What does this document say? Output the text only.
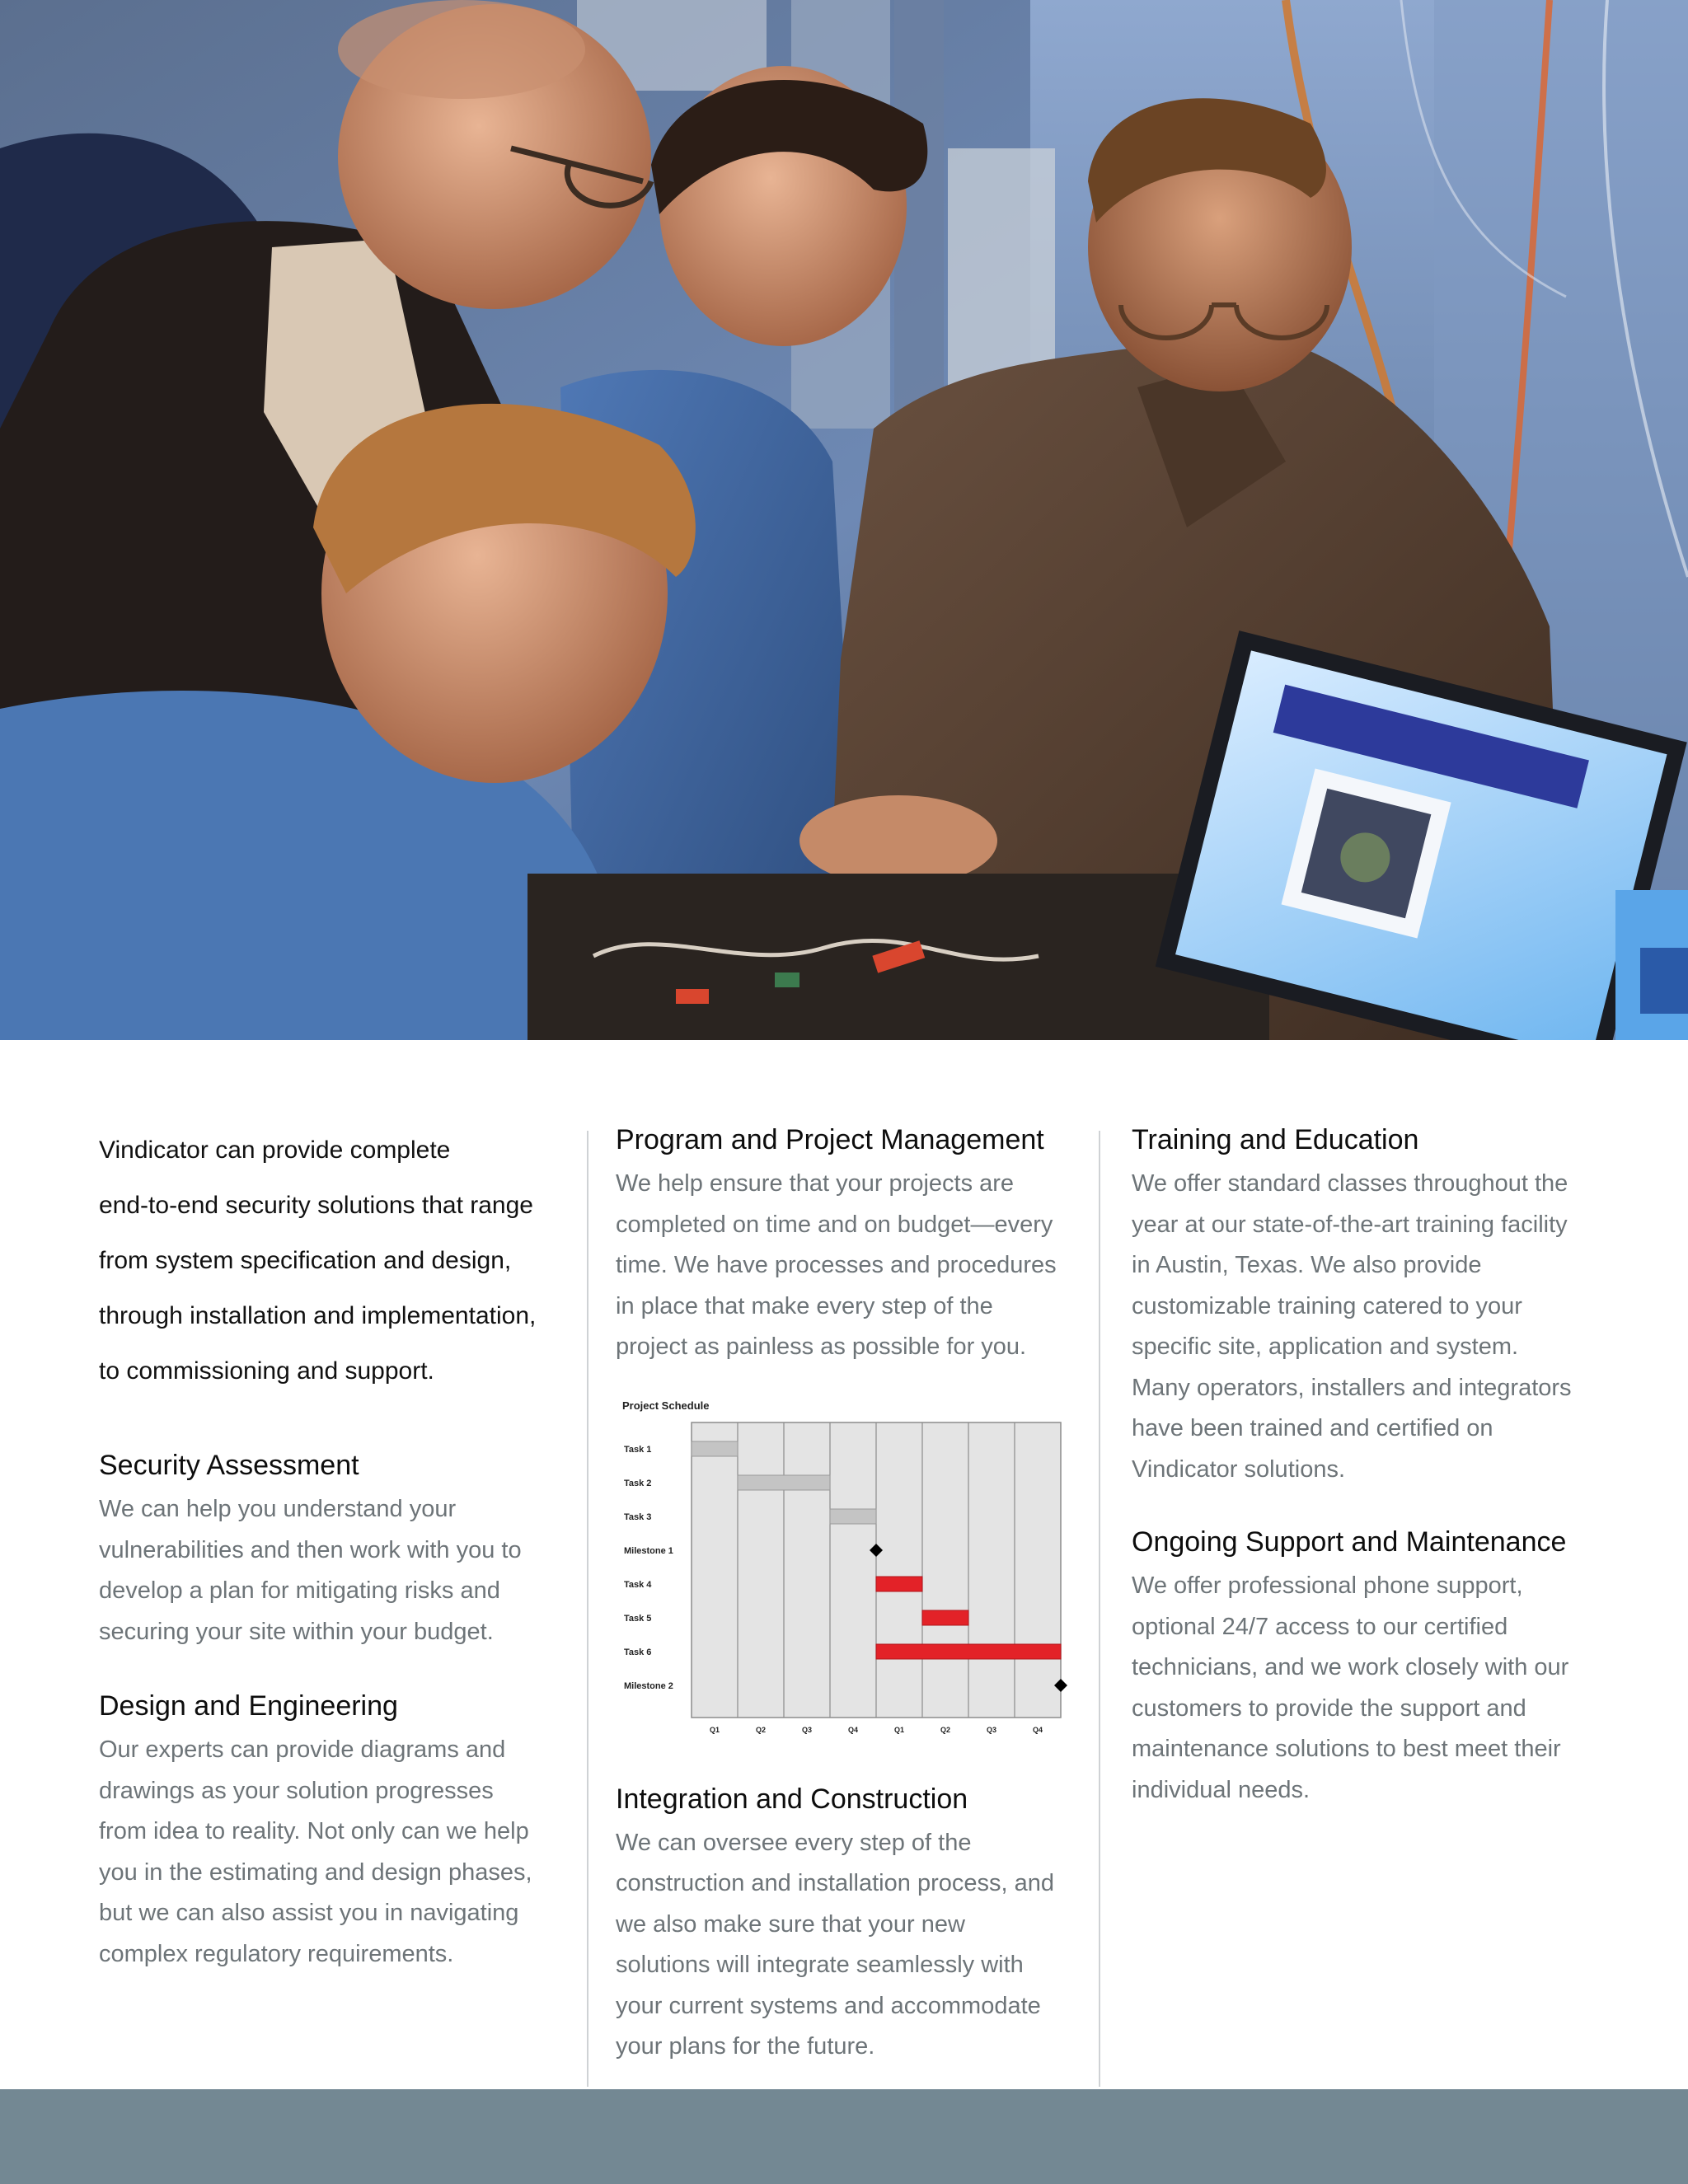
Vindicator can provide complete

end-to-end security solutions that range

from system specification and design,

through installation and implementation,

to commissioning and support.

Security Assessment

We can help you understand your

vulnerabilities and then work with you to

develop a plan for mitigating risks and

securing your site within your budget.

Design and Engineering

Our experts can provide diagrams and

drawings as your solution progresses

from idea to reality. Not only can we help

you in the estimating and design phases,

but we can also assist you in navigating

complex regulatory requirements.

Program and Project Management

We help ensure that your projects are

completed on time and on budget—every

time. We have processes and procedures

in place that make every step of the

project as painless as possible for you.

Project Schedule
Task 1
Task 2
Task 3
Milestone 1
Task 4
Task 5
Task 6
Milestone 2
Q1	Q2	Q3	Q4	Q1	Q2	Q3	Q4
Integration and Construction

We can oversee every step of the

construction and installation process, and

we also make sure that your new

solutions will integrate seamlessly with

your current systems and accommodate

your plans for the future.

Training and Education

We offer standard classes throughout the

year at our state-of-the-art training facility

in Austin, Texas. We also provide

customizable training catered to your

specific site, application and system.

Many operators, installers and integrators

have been trained and certified on

Vindicator solutions.

Ongoing Support and Maintenance

We offer professional phone support,

optional 24/7 access to our certified

technicians, and we work closely with our

customers to provide the support and

maintenance solutions to best meet their

individual needs.
